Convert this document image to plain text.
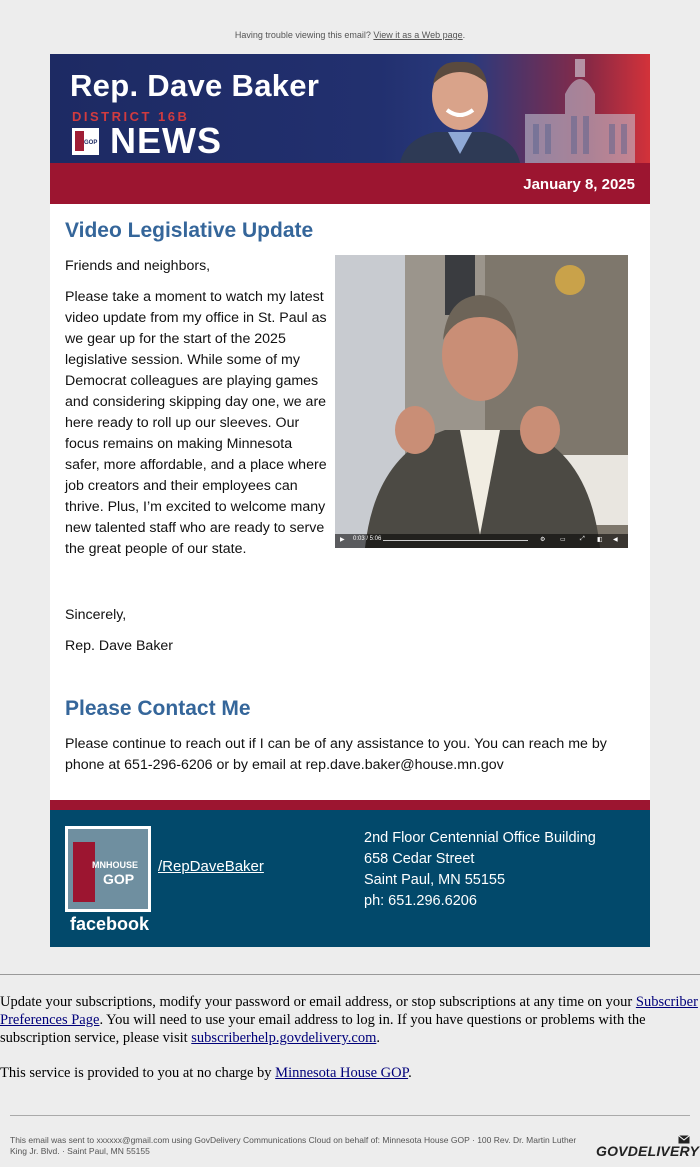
Having trouble viewing this email? View it as a Web page.
Rep. Dave Baker
DISTRICT 16B
GOP NEWS
January 8, 2025
Video Legislative Update
Friends and neighbors,
Please take a moment to watch my latest video update from my office in St. Paul as we gear up for the start of the 2025 legislative session. While some of my Democrat colleagues are playing games and considering skipping day one, we are here ready to roll up our sleeves. Our focus remains on making Minnesota safer, more affordable, and a place where job creators and their employees can thrive. Plus, I’m excited to welcome many new talented staff who are ready to serve the great people of our state.
▶ 0:03 / 5:06	⚙ ▭ ⤢ ◧ ◀
Sincerely,
Rep. Dave Baker
Please Contact Me
Please continue to reach out if I can be of any assistance to you. You can reach me by phone at 651-296-6206 or by email at rep.dave.baker@house.mn.gov
MNHOUSE
GOP
facebook
/RepDaveBaker
2nd Floor Centennial Office Building
658 Cedar Street
Saint Paul, MN 55155
ph: 651.296.6206
Update your subscriptions, modify your password or email address, or stop subscriptions at any time on your Subscriber Preferences Page. You will need to use your email address to log in. If you have questions or problems with the subscription service, please visit subscriberhelp.govdelivery.com.
This service is provided to you at no charge by Minnesota House GOP.
This email was sent to xxxxxx@gmail.com using GovDelivery Communications Cloud on behalf of: Minnesota House GOP · 100 Rev. Dr. Martin Luther King Jr. Blvd. · Saint Paul, MN 55155	GOVDELIVERY
